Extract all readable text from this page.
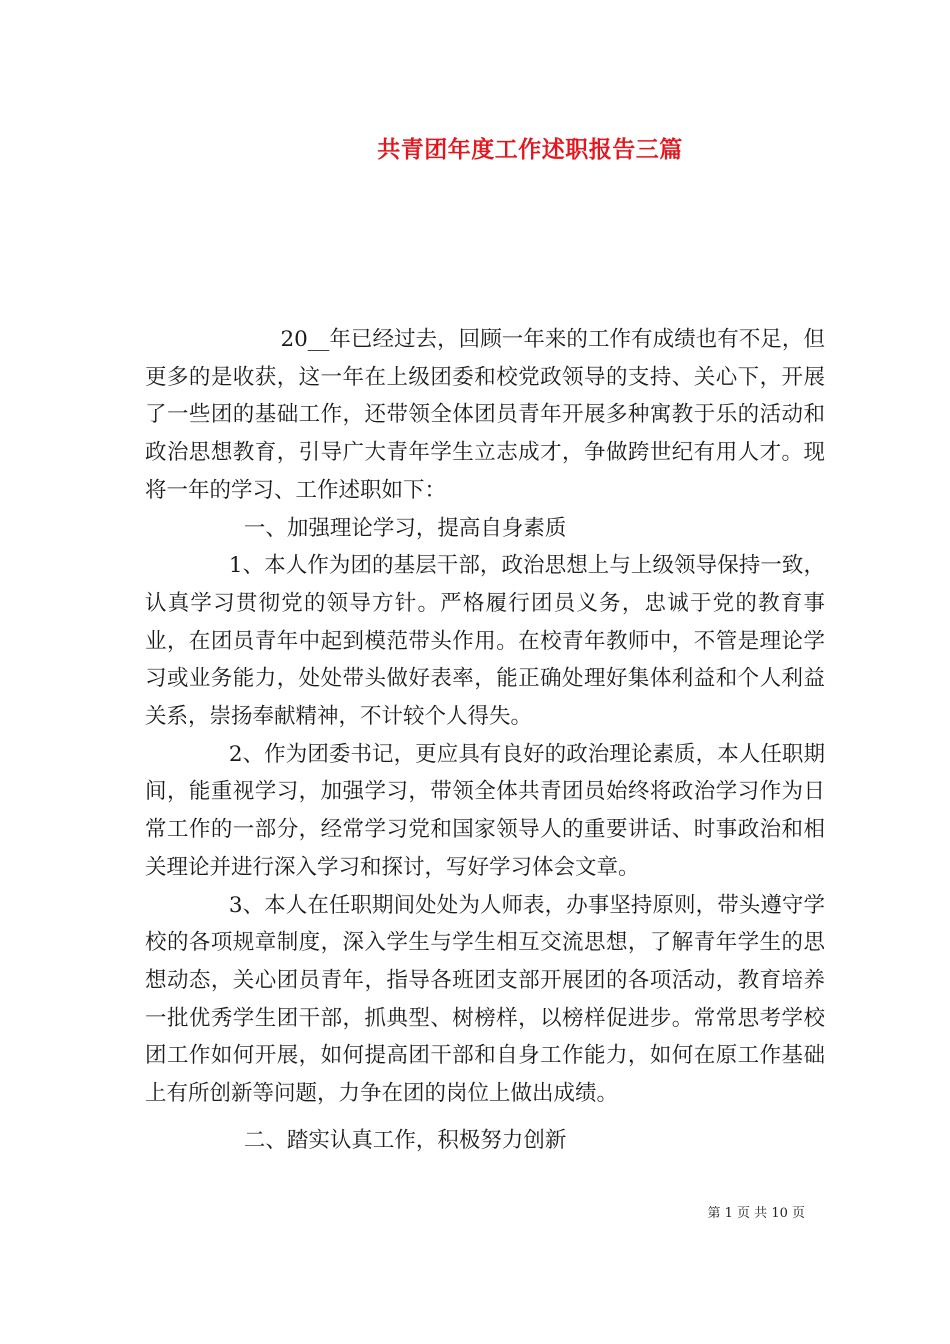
共青团年度工作述职报告三篇

20__年已经过去，回顾一年来的工作有成绩也有不足，但更多的是收获，这一年在上级团委和校党政领导的支持、关心下，开展了一些团的基础工作，还带领全体团员青年开展多种寓教于乐的活动和政治思想教育，引导广大青年学生立志成才，争做跨世纪有用人才。现将一年的学习、工作述职如下：

一、加强理论学习，提高自身素质

1、本人作为团的基层干部，政治思想上与上级领导保持一致，认真学习贯彻党的领导方针。严格履行团员义务，忠诚于党的教育事业，在团员青年中起到模范带头作用。在校青年教师中，不管是理论学习或业务能力，处处带头做好表率，能正确处理好集体利益和个人利益关系，崇扬奉献精神，不计较个人得失。

2、作为团委书记，更应具有良好的政治理论素质，本人任职期间，能重视学习，加强学习，带领全体共青团员始终将政治学习作为日常工作的一部分，经常学习党和国家领导人的重要讲话、时事政治和相关理论并进行深入学习和探讨，写好学习体会文章。

3、本人在任职期间处处为人师表，办事坚持原则，带头遵守学校的各项规章制度，深入学生与学生相互交流思想，了解青年学生的思想动态，关心团员青年，指导各班团支部开展团的各项活动，教育培养一批优秀学生团干部，抓典型、树榜样，以榜样促进步。常常思考学校团工作如何开展，如何提高团干部和自身工作能力，如何在原工作基础上有所创新等问题，力争在团的岗位上做出成绩。

二、踏实认真工作，积极努力创新

第 1 页 共 10 页
